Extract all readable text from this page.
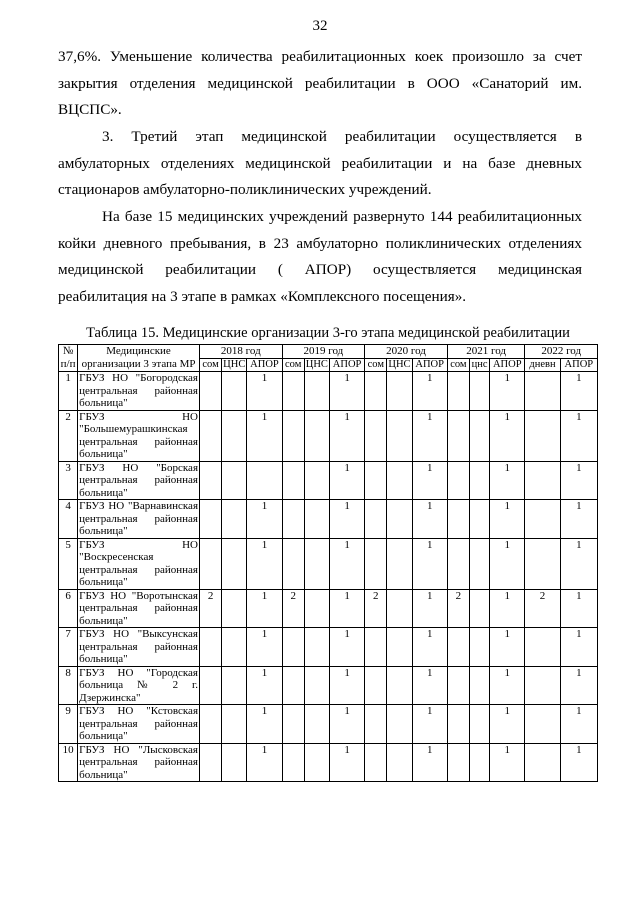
32

37,6%. Уменьшение количества реабилитационных коек произошло за счет закрытия отделения медицинской реабилитации в ООО «Санаторий им. ВЦСПС».

3. Третий этап медицинской реабилитации осуществляется в амбулаторных отделениях медицинской реабилитации и на базе дневных стационаров амбулаторно-поликлинических учреждений.

На базе 15 медицинских учреждений развернуто 144 реабилитационных койки дневного пребывания, в 23 амбулаторно поликлинических отделениях медицинской реабилитации ( АПОР) осуществляется медицинская реабилитация на 3 этапе в рамках «Комплексного посещения».

Таблица 15. Медицинские организации 3-го этапа медицинской реабилитации
№ п/п	Медицинские организации 3 этапа МР	2018 год			2019 год			2020 год			2021 год			2022 год	
		сом	ЦНС	АПОР	сом	ЦНС	АПОР	сом	ЦНС	АПОР	сом	цнс	АПОР	дневн	АПОР
1	ГБУЗ НО "Богородская центральная районная больница"			1			1			1			1		1
2	ГБУЗ НО "Большемурашкинская центральная районная больница"			1			1			1			1		1
3	ГБУЗ НО "Борская центральная районная больница"						1			1			1		1
4	ГБУЗ НО "Варнавинская центральная районная больница"			1			1			1			1		1
5	ГБУЗ НО "Воскресенская центральная районная больница"			1			1			1			1		1
6	ГБУЗ НО "Воротынская центральная районная больница"	2		1	2		1	2		1	2		1	2	1
7	ГБУЗ НО "Выксунская центральная районная больница"			1			1			1			1		1
8	ГБУЗ НО "Городская больница № 2 г. Дзержинска"			1			1			1			1		1
9	ГБУЗ НО "Кстовская центральная районная больница"			1			1			1			1		1
10	ГБУЗ НО "Лысковская центральная районная больница"			1			1			1			1		1
